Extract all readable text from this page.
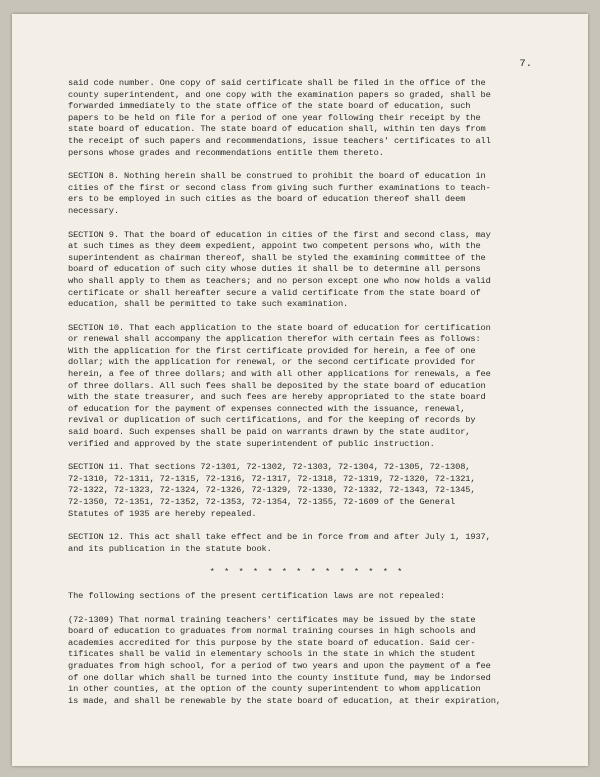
7.

said code number. One copy of said certificate shall be filed in the office of the
county superintendent, and one copy with the examination papers so graded, shall be
forwarded immediately to the state office of the state board of education, such
papers to be held on file for a period of one year following their receipt by the
state board of education. The state board of education shall, within ten days from
the receipt of such papers and recommendations, issue teachers' certificates to all
persons whose grades and recommendations entitle them thereto.

SECTION 8. Nothing herein shall be construed to prohibit the board of education in
cities of the first or second class from giving such further examinations to teach-
ers to be employed in such cities as the board of education thereof shall deem
necessary.

SECTION 9. That the board of education in cities of the first and second class, may
at such times as they deem expedient, appoint two competent persons who, with the
superintendent as chairman thereof, shall be styled the examining committee of the
board of education of such city whose duties it shall be to determine all persons
who shall apply to them as teachers; and no person except one who now holds a valid
certificate or shall hereafter secure a valid certificate from the state board of
education, shall be permitted to take such examination.

SECTION 10. That each application to the state board of education for certification
or renewal shall accompany the application therefor with certain fees as follows:
With the application for the first certificate provided for herein, a fee of one
dollar; with the application for renewal, or the second certificate provided for
herein, a fee of three dollars; and with all other applications for renewals, a fee
of three dollars. All such fees shall be deposited by the state board of education
with the state treasurer, and such fees are hereby appropriated to the state board
of education for the payment of expenses connected with the issuance, renewal,
revival or duplication of such certifications, and for the keeping of records by
said board. Such expenses shall be paid on warrants drawn by the state auditor,
verified and approved by the state superintendent of public instruction.

SECTION 11. That sections 72-1301, 72-1302, 72-1303, 72-1304, 72-1305, 72-1308,
72-1310, 72-1311, 72-1315, 72-1316, 72-1317, 72-1318, 72-1319, 72-1320, 72-1321,
72-1322, 72-1323, 72-1324, 72-1326, 72-1329, 72-1330, 72-1332, 72-1343, 72-1345,
72-1350, 72-1351, 72-1352, 72-1353, 72-1354, 72-1355, 72-1609 of the General
Statutes of 1935 are hereby repealed.

SECTION 12. This act shall take effect and be in force from and after July 1, 1937,
and its publication in the statute book.

* * * * * * * * * * * * * *

The following sections of the present certification laws are not repealed:

(72-1309) That normal training teachers' certificates may be issued by the state
board of education to graduates from normal training courses in high schools and
academies accredited for this purpose by the state board of education. Said cer-
tificates shall be valid in elementary schools in the state in which the student
graduates from high school, for a period of two years and upon the payment of a fee
of one dollar which shall be turned into the county institute fund, may be indorsed
in other counties, at the option of the county superintendent to whom application
is made, and shall be renewable by the state board of education, at their expiration,
